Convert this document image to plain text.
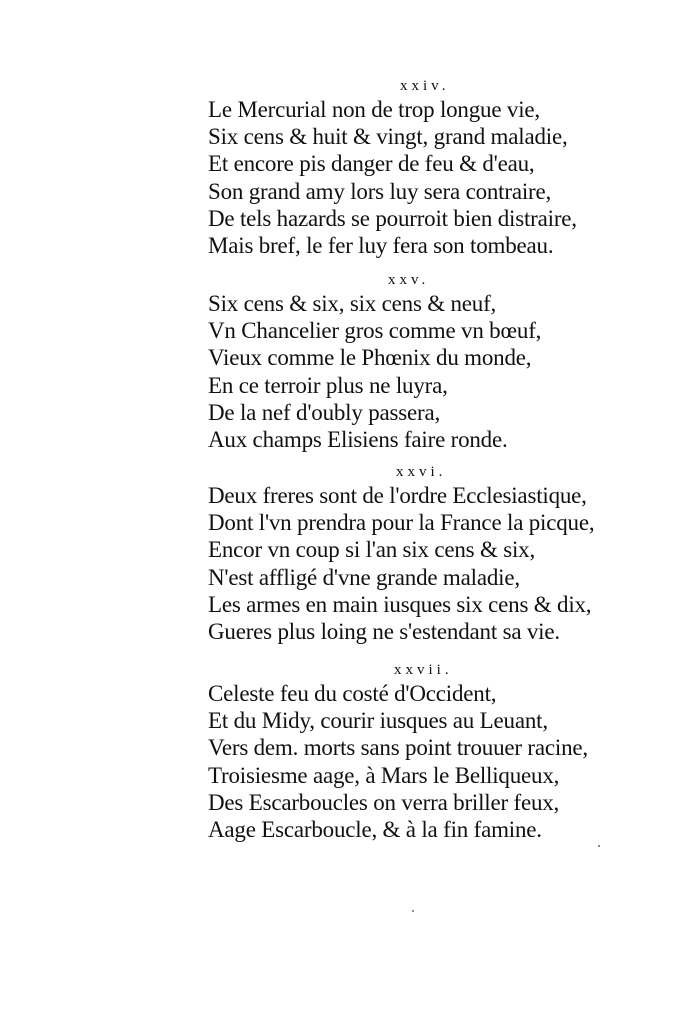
xxiv.
Le Mercurial non de trop longue vie,
Six cens & huit & vingt, grand maladie,
Et encore pis danger de feu & d'eau,
Son grand amy lors luy sera contraire,
De tels hazards se pourroit bien distraire,
Mais bref, le fer luy fera son tombeau.
xxv.
Six cens & six, six cens & neuf,
Vn Chancelier gros comme vn bœuf,
Vieux comme le Phœnix du monde,
En ce terroir plus ne luyra,
De la nef d'oubly passera,
Aux champs Elisiens faire ronde.
xxvi.
Deux freres sont de l'ordre Ecclesiastique,
Dont l'vn prendra pour la France la picque,
Encor vn coup si l'an six cens & six,
N'est affligé d'vne grande maladie,
Les armes en main iusques six cens & dix,
Gueres plus loing ne s'estendant sa vie.
xxvii.
Celeste feu du costé d'Occident,
Et du Midy, courir iusques au Leuant,
Vers dem. morts sans point trouuer racine,
Troisiesme aage, à Mars le Belliqueux,
Des Escarboucles on verra briller feux,
Aage Escarboucle, & à la fin famine.
